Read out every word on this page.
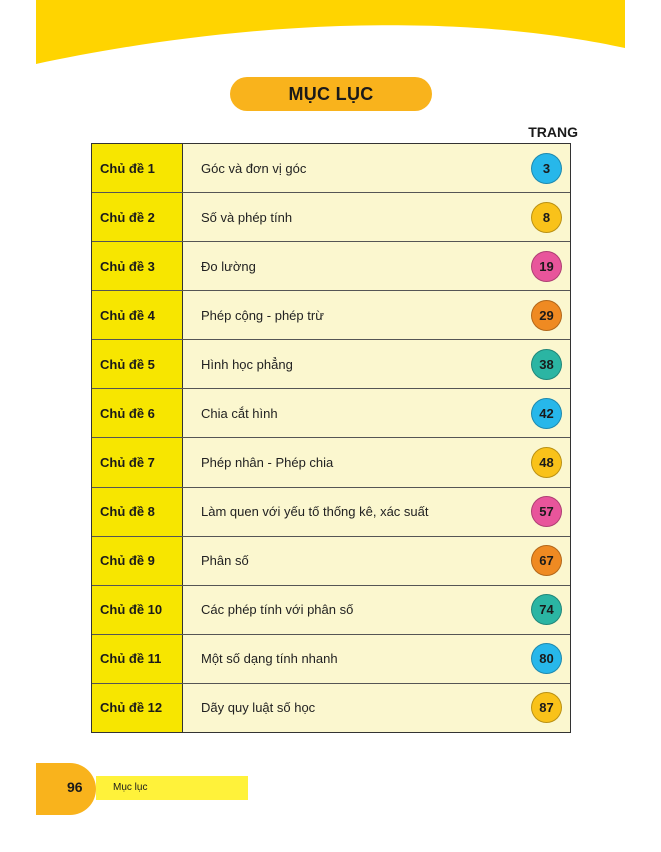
MỤC LỤC
TRANG
Chủ đề 1	Góc và đơn vị góc	3
Chủ đề 2	Số và phép tính	8
Chủ đề 3	Đo lường	19
Chủ đề 4	Phép cộng - phép trừ	29
Chủ đề 5	Hình học phẳng	38
Chủ đề 6	Chia cắt hình	42
Chủ đề 7	Phép nhân - Phép chia	48
Chủ đề 8	Làm quen với yếu tố thống kê, xác suất	57
Chủ đề 9	Phân số	67
Chủ đề 10	Các phép tính với phân số	74
Chủ đề 11	Một số dạng tính nhanh	80
Chủ đề 12	Dãy quy luật số học	87
96	Mục lục
